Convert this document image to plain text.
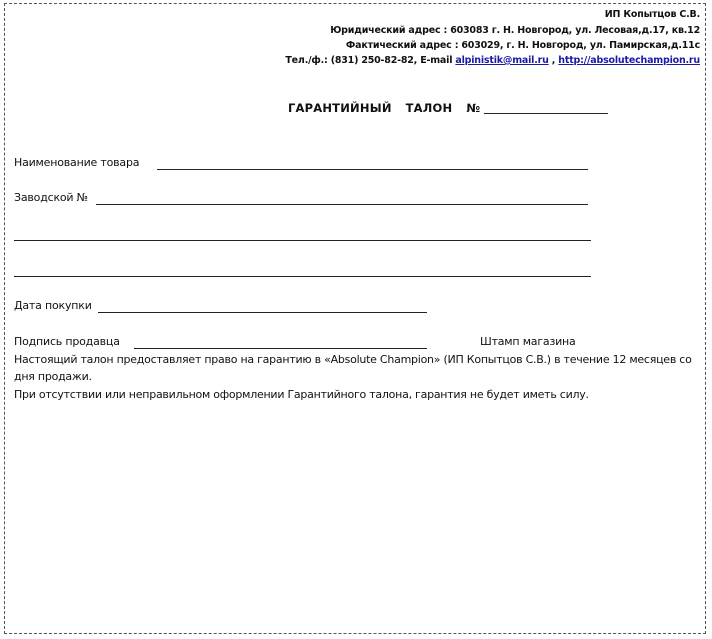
ИП Копытцов С.В.
Юридический адрес : 603083 г. Н. Новгород, ул. Лесовая,д.17, кв.12
Фактический адрес : 603029, г. Н. Новгород, ул. Памирская,д.11с
Тел./ф.: (831) 250-82-82, E-mail alpinistik@mail.ru , http://absolutechampion.ru
ГАРАНТИЙНЫЙ ТАЛОН №
Наименование товара
Заводской №
Дата покупки
Подпись продавца	Штамп магазина
Настоящий талон предоставляет право на гарантию в «Absolute Champion» (ИП Копытцов С.В.) в течение 12 месяцев со дня продажи.
При отсутствии или неправильном оформлении Гарантийного талона, гарантия не будет иметь силу.
